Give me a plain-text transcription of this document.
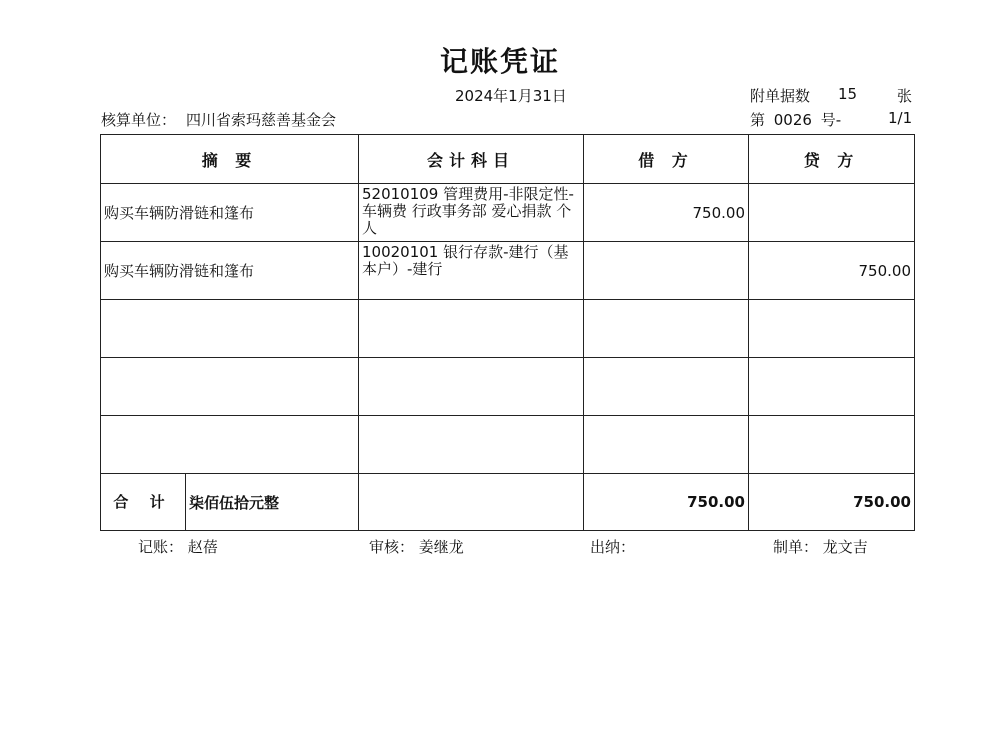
记账凭证
2024年1月31日	附单据数 15	张
核算单位： 四川省索玛慈善基金会	第 0026 号-	1/1
摘 要	会计科目	借 方	贷 方
购买车辆防滑链和篷布	52010109 管理费用-非限定性-车辆费 行政事务部 爱心捐款 个人	750.00	
购买车辆防滑链和篷布	10020101 银行存款-建行（基本户）-建行		750.00

合 计 柒佰伍拾元整		750.00	750.00
记账： 赵蓓	审核： 姜继龙	出纳：	制单： 龙文吉
